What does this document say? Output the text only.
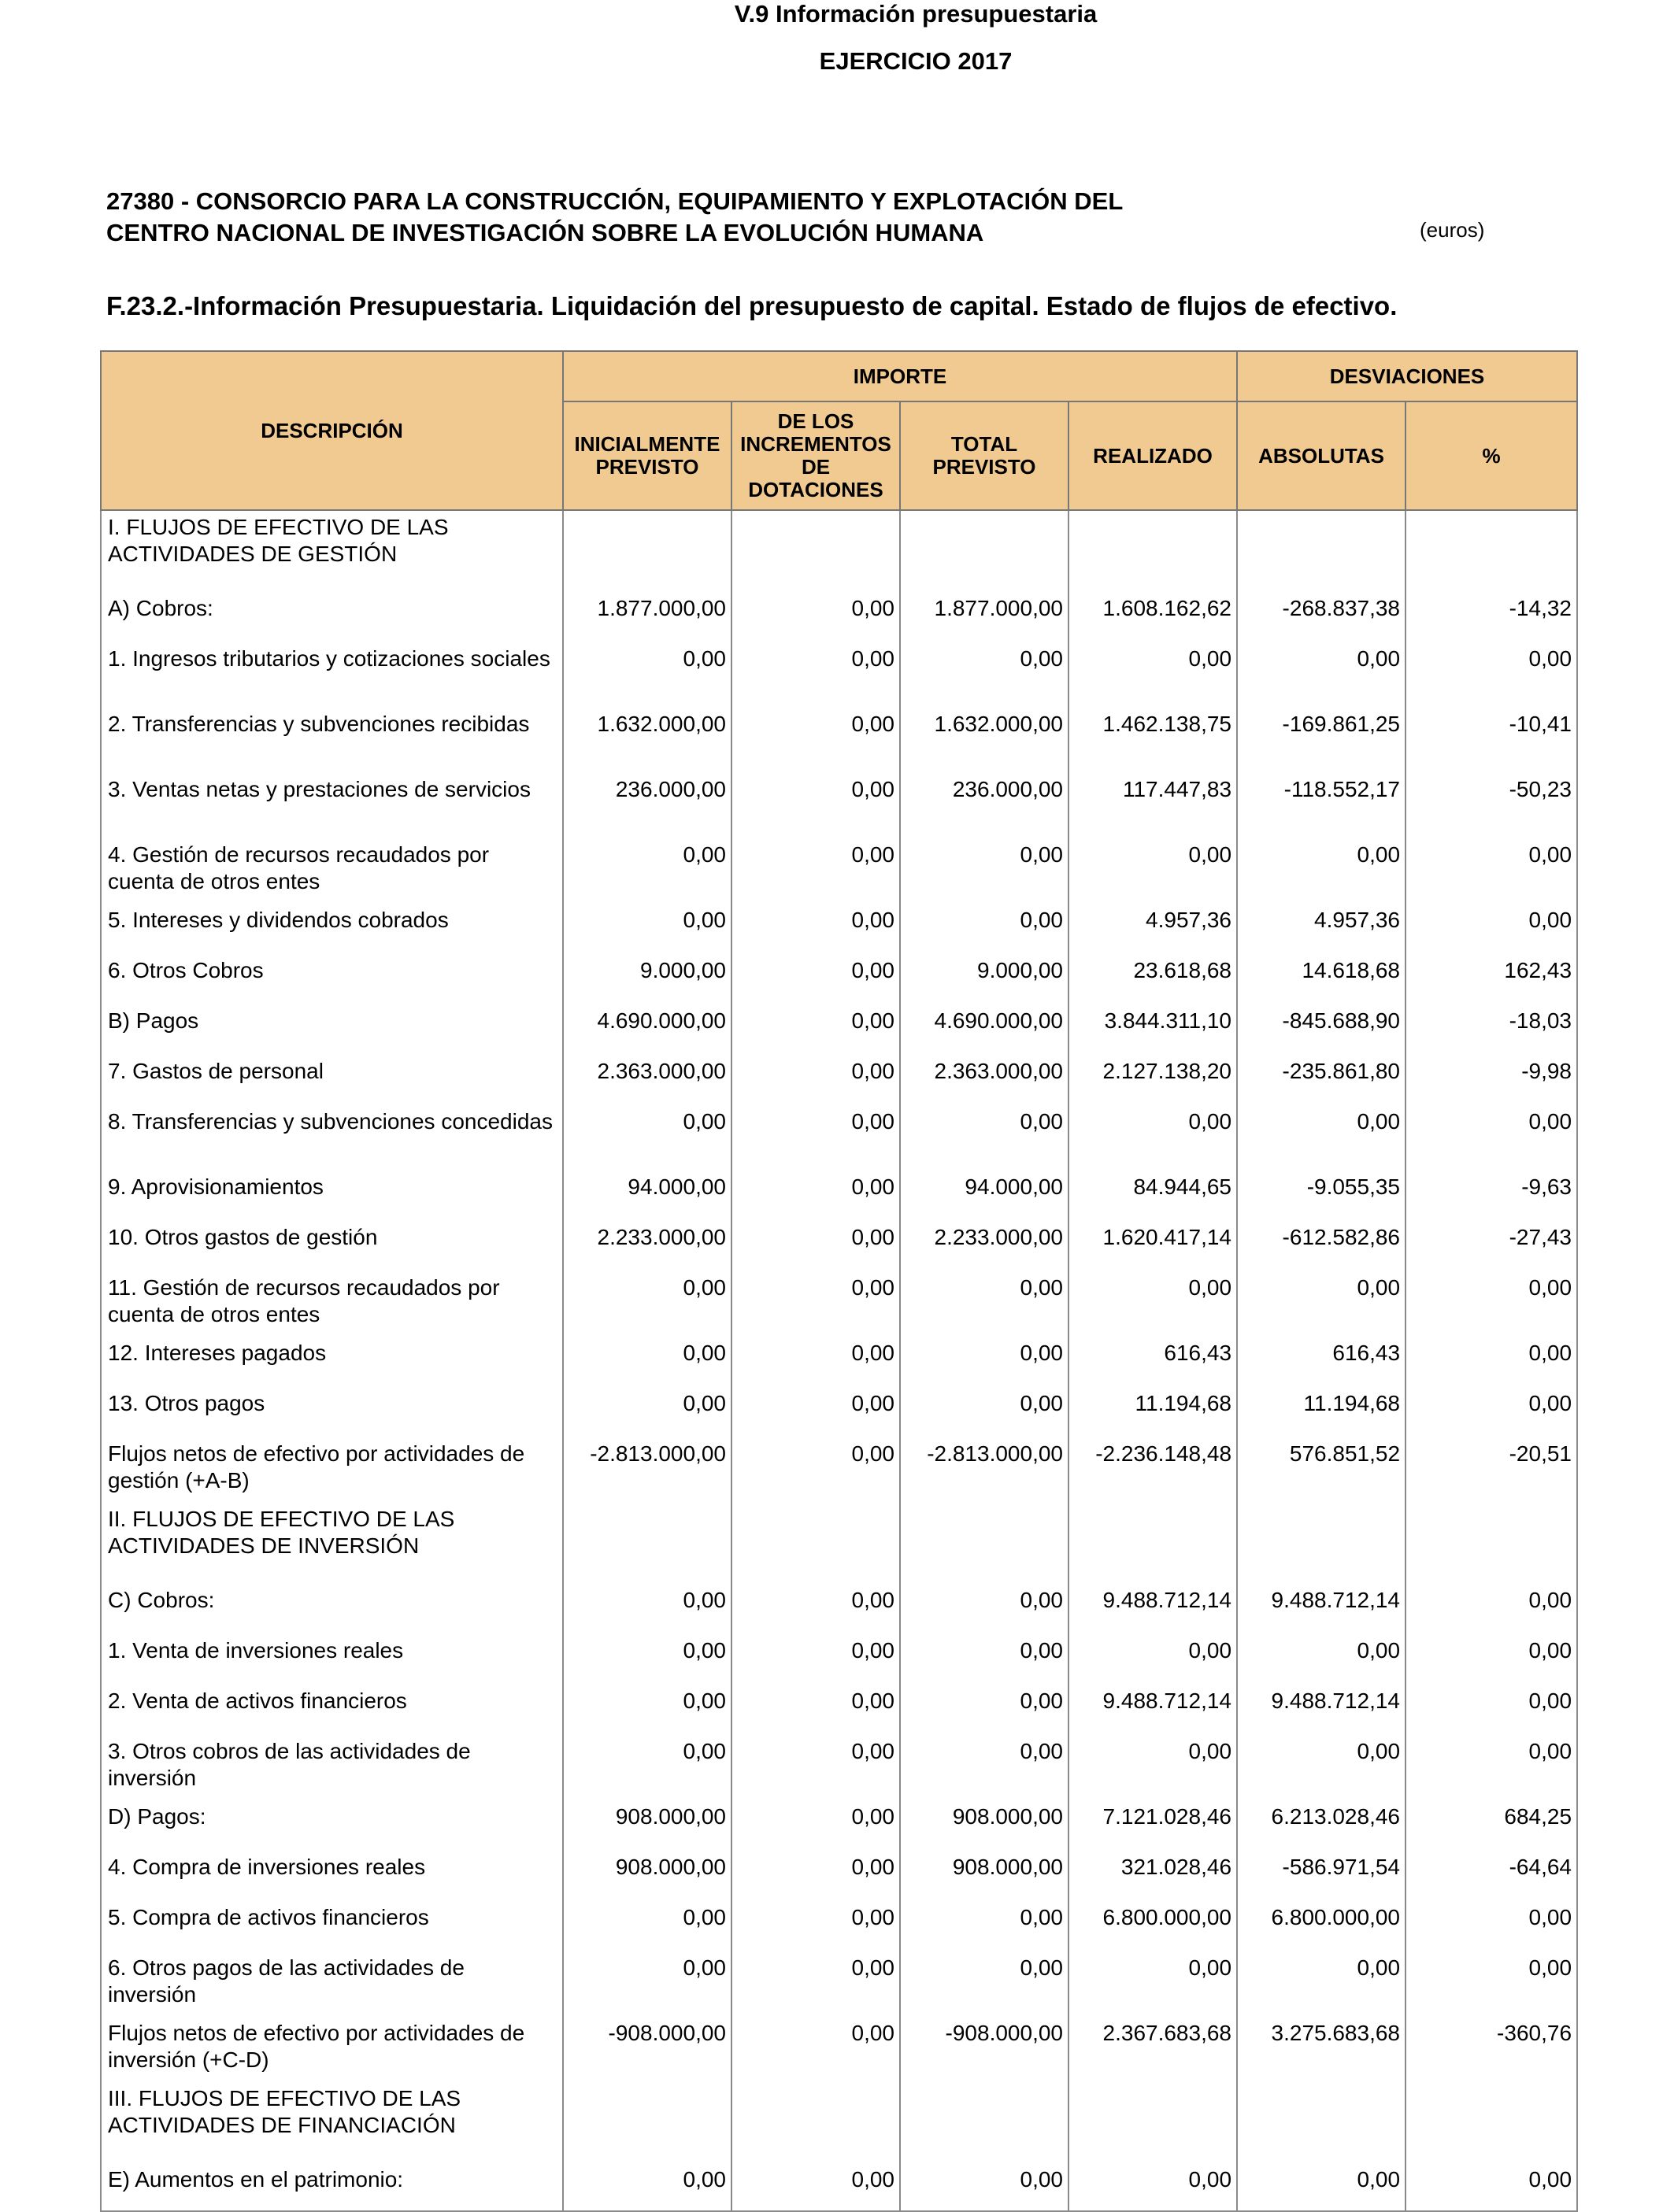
V.9 Información presupuestaria
EJERCICIO 2017
27380 - CONSORCIO PARA LA CONSTRUCCIÓN, EQUIPAMIENTO Y EXPLOTACIÓN DEL
CENTRO NACIONAL DE INVESTIGACIÓN SOBRE LA EVOLUCIÓN HUMANA	(euros)
F.23.2.-Información Presupuestaria. Liquidación del presupuesto de capital. Estado de flujos de efectivo.
DESCRIPCIÓN	IMPORTE				DESVIACIONES	
	INICIALMENTE PREVISTO	DE LOS INCREMENTOS DE DOTACIONES	TOTAL PREVISTO	REALIZADO	ABSOLUTAS	%
I. FLUJOS DE EFECTIVO DE LAS ACTIVIDADES DE GESTIÓN						
A) Cobros:	1.877.000,00	0,00	1.877.000,00	1.608.162,62	-268.837,38	-14,32
1. Ingresos tributarios y cotizaciones sociales	0,00	0,00	0,00	0,00	0,00	0,00
2. Transferencias y subvenciones recibidas	1.632.000,00	0,00	1.632.000,00	1.462.138,75	-169.861,25	-10,41
3. Ventas netas y prestaciones de servicios	236.000,00	0,00	236.000,00	117.447,83	-118.552,17	-50,23
4. Gestión de recursos recaudados por cuenta de otros entes	0,00	0,00	0,00	0,00	0,00	0,00
5. Intereses y dividendos cobrados	0,00	0,00	0,00	4.957,36	4.957,36	0,00
6. Otros Cobros	9.000,00	0,00	9.000,00	23.618,68	14.618,68	162,43
B) Pagos	4.690.000,00	0,00	4.690.000,00	3.844.311,10	-845.688,90	-18,03
7. Gastos de personal	2.363.000,00	0,00	2.363.000,00	2.127.138,20	-235.861,80	-9,98
8. Transferencias y subvenciones concedidas	0,00	0,00	0,00	0,00	0,00	0,00
9. Aprovisionamientos	94.000,00	0,00	94.000,00	84.944,65	-9.055,35	-9,63
10. Otros gastos de gestión	2.233.000,00	0,00	2.233.000,00	1.620.417,14	-612.582,86	-27,43
11. Gestión de recursos recaudados por cuenta de otros entes	0,00	0,00	0,00	0,00	0,00	0,00
12. Intereses pagados	0,00	0,00	0,00	616,43	616,43	0,00
13. Otros pagos	0,00	0,00	0,00	11.194,68	11.194,68	0,00
Flujos netos de efectivo por actividades de gestión (+A-B)	-2.813.000,00	0,00	-2.813.000,00	-2.236.148,48	576.851,52	-20,51
II. FLUJOS DE EFECTIVO DE LAS ACTIVIDADES DE INVERSIÓN						
C) Cobros:	0,00	0,00	0,00	9.488.712,14	9.488.712,14	0,00
1. Venta de inversiones reales	0,00	0,00	0,00	0,00	0,00	0,00
2. Venta de activos financieros	0,00	0,00	0,00	9.488.712,14	9.488.712,14	0,00
3. Otros cobros de las actividades de inversión	0,00	0,00	0,00	0,00	0,00	0,00
D) Pagos:	908.000,00	0,00	908.000,00	7.121.028,46	6.213.028,46	684,25
4. Compra de inversiones reales	908.000,00	0,00	908.000,00	321.028,46	-586.971,54	-64,64
5. Compra de activos financieros	0,00	0,00	0,00	6.800.000,00	6.800.000,00	0,00
6. Otros pagos de las actividades de inversión	0,00	0,00	0,00	0,00	0,00	0,00
Flujos netos de efectivo por actividades de inversión (+C-D)	-908.000,00	0,00	-908.000,00	2.367.683,68	3.275.683,68	-360,76
III. FLUJOS DE EFECTIVO DE LAS ACTIVIDADES DE FINANCIACIÓN						
E) Aumentos en el patrimonio:	0,00	0,00	0,00	0,00	0,00	0,00
